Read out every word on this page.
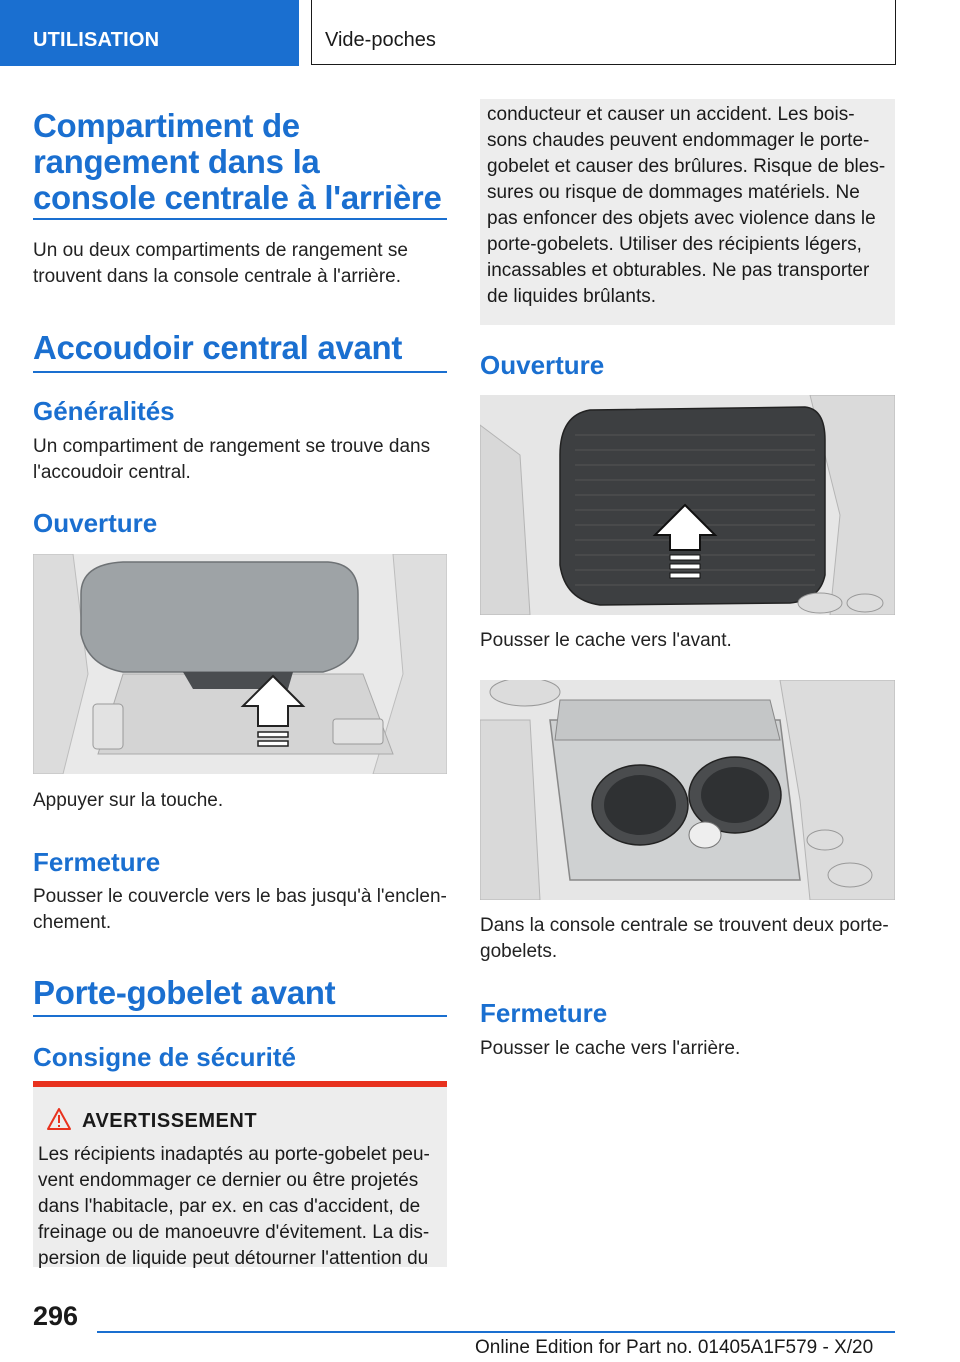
UTILISATION	Vide-poches
Compartiment de rangement dans la console centrale à l'arrière
Un ou deux compartiments de rangement se trouvent dans la console centrale à l'arrière.
Accoudoir central avant
Généralités
Un compartiment de rangement se trouve dans l'accoudoir central.
Ouverture
Appuyer sur la touche.
Fermeture
Pousser le couvercle vers le bas jusqu'à l'enclen-chement.
Porte-gobelet avant
Consigne de sécurité
AVERTISSEMENT
Les récipients inadaptés au porte-gobelet peu-vent endommager ce dernier ou être projetés dans l'habitacle, par ex. en cas d'accident, de freinage ou de manoeuvre d'évitement. La dis-persion de liquide peut détourner l'attention du
conducteur et causer un accident. Les bois-sons chaudes peuvent endommager le porte-gobelet et causer des brûlures. Risque de bles-sures ou risque de dommages matériels. Ne pas enfoncer des objets avec violence dans le porte-gobelets. Utiliser des récipients légers, incassables et obturables. Ne pas transporter de liquides brûlants.
Ouverture
Pousser le cache vers l'avant.
Dans la console centrale se trouvent deux porte-gobelets.
Fermeture
Pousser le cache vers l'arrière.
296
Online Edition for Part no. 01405A1F579 - X/20
